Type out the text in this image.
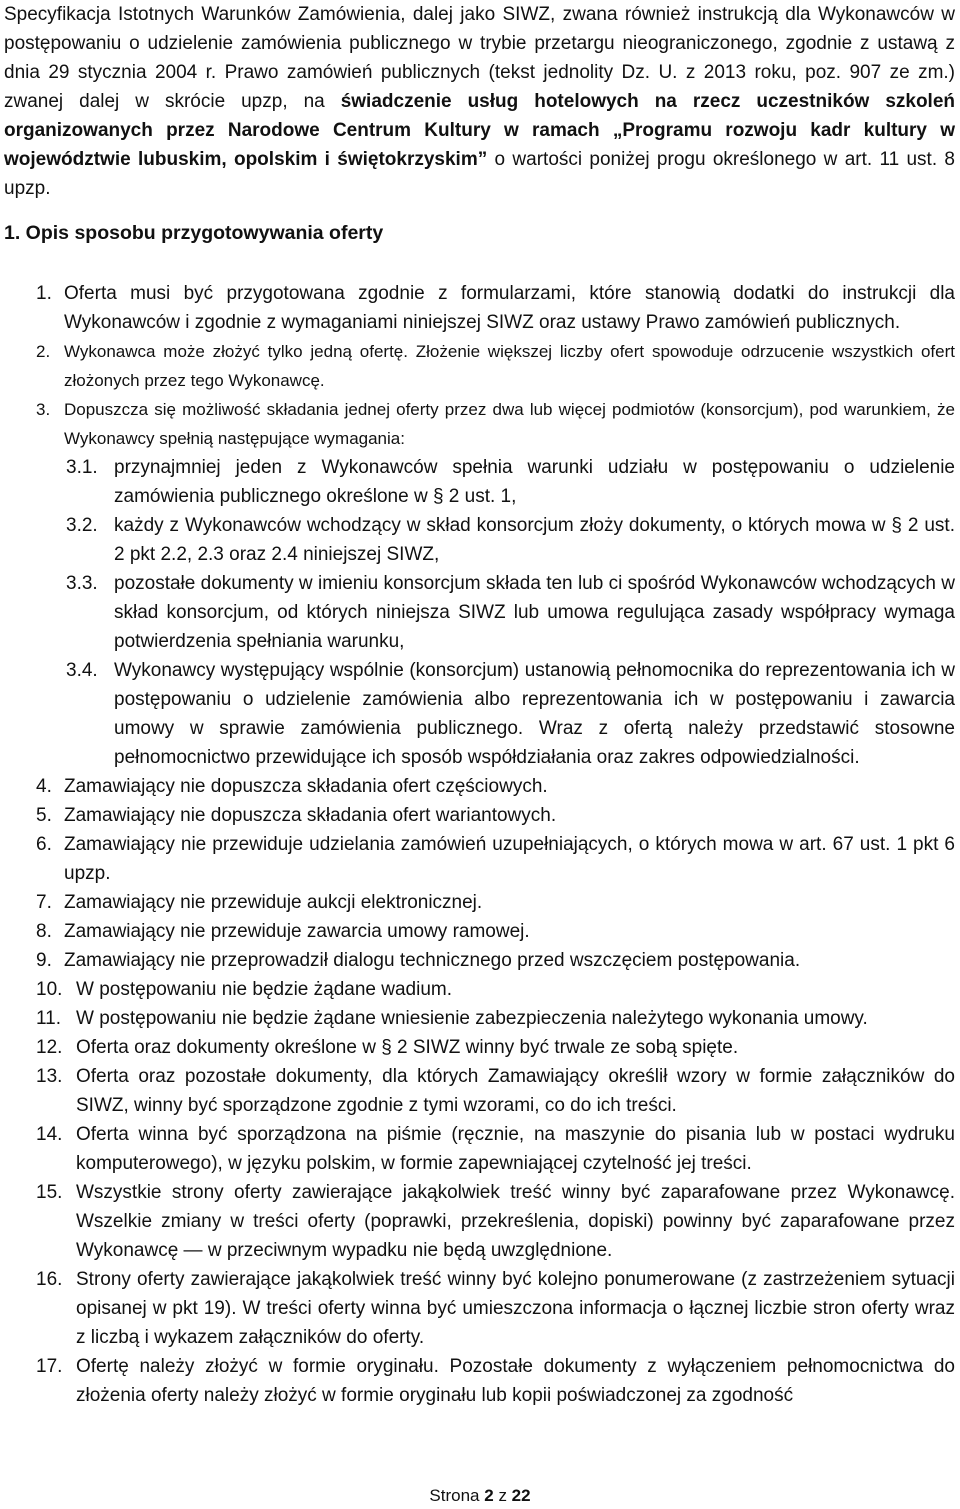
Specyfikacja Istotnych Warunków Zamówienia, dalej jako SIWZ, zwana również instrukcją dla Wykonawców w postępowaniu o udzielenie zamówienia publicznego w trybie przetargu nieograniczonego, zgodnie z ustawą z dnia 29 stycznia 2004 r. Prawo zamówień publicznych (tekst jednolity Dz. U. z 2013 roku, poz. 907 ze zm.) zwanej dalej w skrócie upzp, na świadczenie usług hotelowych na rzecz uczestników szkoleń organizowanych przez Narodowe Centrum Kultury w ramach „Programu rozwoju kadr kultury w województwie lubuskim, opolskim i świętokrzyskim” o wartości poniżej progu określonego w art. 11 ust. 8 upzp.

1. Opis sposobu przygotowywania oferty
1. Oferta musi być przygotowana zgodnie z formularzami, które stanowią dodatki do instrukcji dla Wykonawców i zgodnie z wymaganiami niniejszej SIWZ oraz ustawy Prawo zamówień publicznych.
2. Wykonawca może złożyć tylko jedną ofertę. Złożenie większej liczby ofert spowoduje odrzucenie wszystkich ofert złożonych przez tego Wykonawcę.
3. Dopuszcza się możliwość składania jednej oferty przez dwa lub więcej podmiotów (konsorcjum), pod warunkiem, że Wykonawcy spełnią następujące wymagania:
3.1. przynajmniej jeden z Wykonawców spełnia warunki udziału w postępowaniu o udzielenie zamówienia publicznego określone w § 2 ust. 1,
3.2. każdy z Wykonawców wchodzący w skład konsorcjum złoży dokumenty, o których mowa w § 2 ust. 2 pkt 2.2, 2.3 oraz 2.4 niniejszej SIWZ,
3.3. pozostałe dokumenty w imieniu konsorcjum składa ten lub ci spośród Wykonawców wchodzących w skład konsorcjum, od których niniejsza SIWZ lub umowa regulująca zasady współpracy wymaga potwierdzenia spełniania warunku,
3.4. Wykonawcy występujący wspólnie (konsorcjum) ustanowią pełnomocnika do reprezentowania ich w postępowaniu o udzielenie zamówienia albo reprezentowania ich w postępowaniu i zawarcia umowy w sprawie zamówienia publicznego. Wraz z ofertą należy przedstawić stosowne pełnomocnictwo przewidujące ich sposób współdziałania oraz zakres odpowiedzialności.
4. Zamawiający nie dopuszcza składania ofert częściowych.
5. Zamawiający nie dopuszcza składania ofert wariantowych.
6. Zamawiający nie przewiduje udzielania zamówień uzupełniających, o których mowa w art. 67 ust. 1 pkt 6 upzp.
7. Zamawiający nie przewiduje aukcji elektronicznej.
8. Zamawiający nie przewiduje zawarcia umowy ramowej.
9. Zamawiający nie przeprowadził dialogu technicznego przed wszczęciem postępowania.
10. W postępowaniu nie będzie żądane wadium.
11. W postępowaniu nie będzie żądane wniesienie zabezpieczenia należytego wykonania umowy.
12. Oferta oraz dokumenty określone w § 2 SIWZ winny być trwale ze sobą spięte.
13. Oferta oraz pozostałe dokumenty, dla których Zamawiający określił wzory w formie załączników do SIWZ, winny być sporządzone zgodnie z tymi wzorami, co do ich treści.
14. Oferta winna być sporządzona na piśmie (ręcznie, na maszynie do pisania lub w postaci wydruku komputerowego), w języku polskim, w formie zapewniającej czytelność jej treści.
15. Wszystkie strony oferty zawierające jakąkolwiek treść winny być zaparafowane przez Wykonawcę. Wszelkie zmiany w treści oferty (poprawki, przekreślenia, dopiski) powinny być zaparafowane przez Wykonawcę — w przeciwnym wypadku nie będą uwzględnione.
16. Strony oferty zawierające jakąkolwiek treść winny być kolejno ponumerowane (z zastrzeżeniem sytuacji opisanej w pkt 19). W treści oferty winna być umieszczona informacja o łącznej liczbie stron oferty wraz z liczbą i wykazem załączników do oferty.
17. Ofertę należy złożyć w formie oryginału. Pozostałe dokumenty z wyłączeniem pełnomocnictwa do złożenia oferty należy złożyć w formie oryginału lub kopii poświadczonej za zgodność
Strona 2 z 22
